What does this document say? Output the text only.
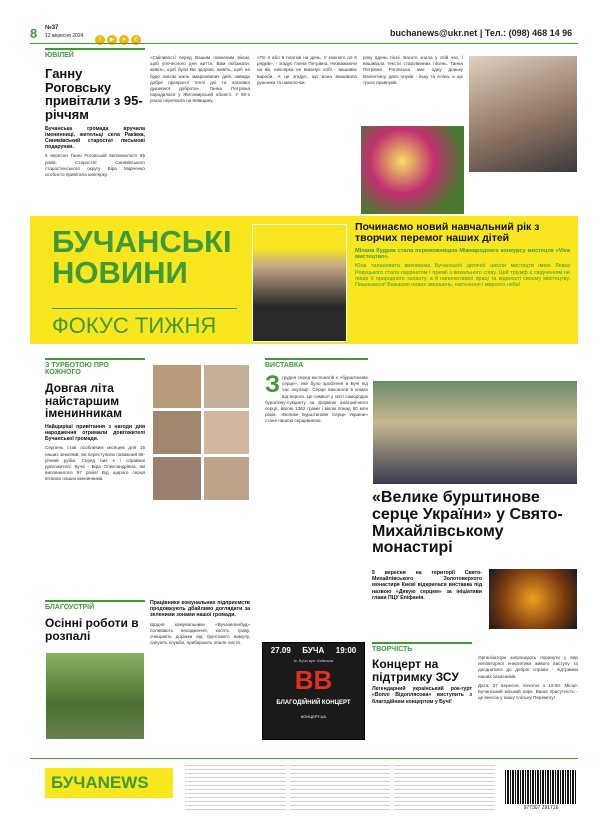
8 №37
12 вересня 2024
f ▶ ➤ ✆
buchanews@ukr.net | Тел.: (098) 468 14 96
ЮВІЛЕЙ
Ганну Роговську привітали з 95-річчям
Бучанська громада вручила іменинниці, жительці села Раківка, Синяківський старостат письмові подарунки.
5 вересня Ганні Роговській виповнилося 95 років. Старостат Синяківського старостинського округу Віра Марченко особисто привітала ювілярку.
«Сміливості перед Вашим повненим віком, щоб упочесного дня життя. Вам побажати: живіть, щоб були Ви здорові, живіть, щоб не буде зовсім жаль змарнованих днів, завжди добре прекрасні теплі дні та ласкавої душевної доброти». Ганна Петрівна народилася у Житомирській області. У 90-х роках переїхала на Київщину.
«По 4 або 5 платків на день. У кожного по 6 рядків», - згадує Ганна Петрівна. Незважаючи на вік, ювілярка не виконує хобі - вишиває вироби. А це згадує, що вона вишивала рушники та наволочки.
року вдень пісні. Багато знала у свій час, і вишивала тексти старовинних пісень. Ганна Петрівна Роговська має одну доньку Валентину, двох онуків - іншу та Аліна, а ще трьох правнуків.
БУЧАНСЬКІ
НОВИНИ
ФОКУС ТИЖНЯ
Починаємо новий навчальний рік з творчих перемог наших дітей
Мілана Кудрик стала переможницею Міжнародного конкурсу мистецтв «Viva мистецтво».
Юна талановита вихованка Бучанської дитячої школи мистецтв імені Левка Ревуцького стала лауреатом І премії з вокального співу. Цей тріумф є свідченням не лише її природного таланту, а й наполегливої праці та віданості своєму мистецтву. Пишаємося! Бажаємо нових звершень, натхнення і мирного неба!
З ТУРБОТОЮ ПРО КОЖНОГО
Довгая літа найстаршим іменинникам
Найщиріші привітання з нагоди дня народження отримали довгожителі Бучанської громади.
Серпень став особливим місяцем для 15 наших земляків, які переступили поважний 85-річний рубіж. Серед них є і справжні довгожителі: Буча - Віра Олександрівна, які виповнилося 97 років! Від щирого серця вітаємо наших іменинників.
ВИСТАВКА
Згрудня серед експонатів є «бурштинове серце», яке було зроблене в Бучі під час окупації. Серце виконали в комах від ворога. Це символ у світі самородок бурштину-сукцинту за формою анатомічного серця, вагою 1362 грами і віком понад 50 млн років. «Велике Бурштинове Серце України» стане нашою серцевиною.
«Велике бурштинове серце України» у Свято-Михайлівському монастирі
5 вересня на території Свято-Михайлівського Золотоверхого монастиря Києві відкрилася виставка під назвою «Дякую серцем» за ініціативи глави ПЦУ Епіфанія.
БЛАГОУСТРІЙ
Осінні роботи в розпалі
Працівники комунальних підприємств продовжують дбайливо доглядати за зеленими зонами нашої громади.
Щодня комунальники «Бучазеленбуд» поливають насадження, косять траву, очищають доріжки від ґрунтового намулу, сапують клумби, прибирають опале листя.
27.09 БУЧА 19:00
м. Буча вул. Київська
ВВ
БЛАГОДІЙНИЙ КОНЦЕРТ
КОНЦЕРТ.UA
ТВОРЧІСТЬ
Концерт на підтримку ЗСУ
Легендарний український рок-гурт «Воплі Відоплясова» виступить з благодійним концертом у Бучі!
Організатори запрошують поринути у вир неповторної енергетики живого виступу та доєднатися до доброї справи - підтримки наших захисників.
Дата: 27 вересня, початок о 19:00. Місце: Бучанський міський парк. Ваша присутність - це внесок у нашу спільну Перемогу!
БУЧАNEWS
977307 291716
